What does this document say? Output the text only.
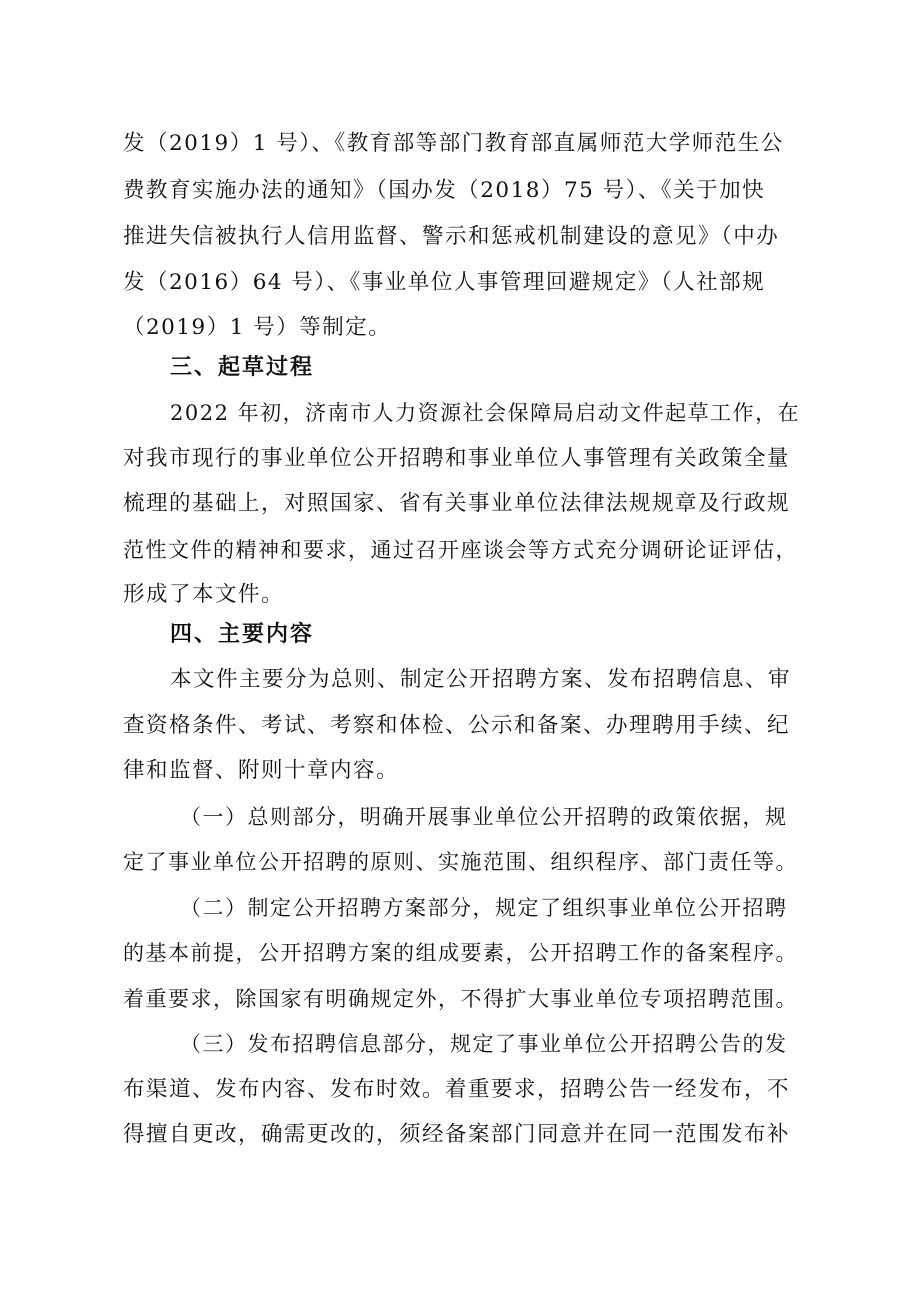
发（2019）1 号）、《教育部等部门教育部直属师范大学师范生公
费教育实施办法的通知》（国办发（2018）75 号）、《关于加快
推进失信被执行人信用监督、警示和惩戒机制建设的意见》（中办
发（2016）64 号）、《事业单位人事管理回避规定》（人社部规
（2019）1 号）等制定。
三、起草过程
2022 年初，济南市人力资源社会保障局启动文件起草工作，在
对我市现行的事业单位公开招聘和事业单位人事管理有关政策全量
梳理的基础上，对照国家、省有关事业单位法律法规规章及行政规
范性文件的精神和要求，通过召开座谈会等方式充分调研论证评估，
形成了本文件。
四、主要内容
本文件主要分为总则、制定公开招聘方案、发布招聘信息、审
查资格条件、考试、考察和体检、公示和备案、办理聘用手续、纪
律和监督、附则十章内容。
（一）总则部分，明确开展事业单位公开招聘的政策依据，规
定了事业单位公开招聘的原则、实施范围、组织程序、部门责任等。
（二）制定公开招聘方案部分，规定了组织事业单位公开招聘
的基本前提，公开招聘方案的组成要素，公开招聘工作的备案程序。
着重要求，除国家有明确规定外，不得扩大事业单位专项招聘范围。
（三）发布招聘信息部分，规定了事业单位公开招聘公告的发
布渠道、发布内容、发布时效。着重要求，招聘公告一经发布，不
得擅自更改，确需更改的，须经备案部门同意并在同一范围发布补
